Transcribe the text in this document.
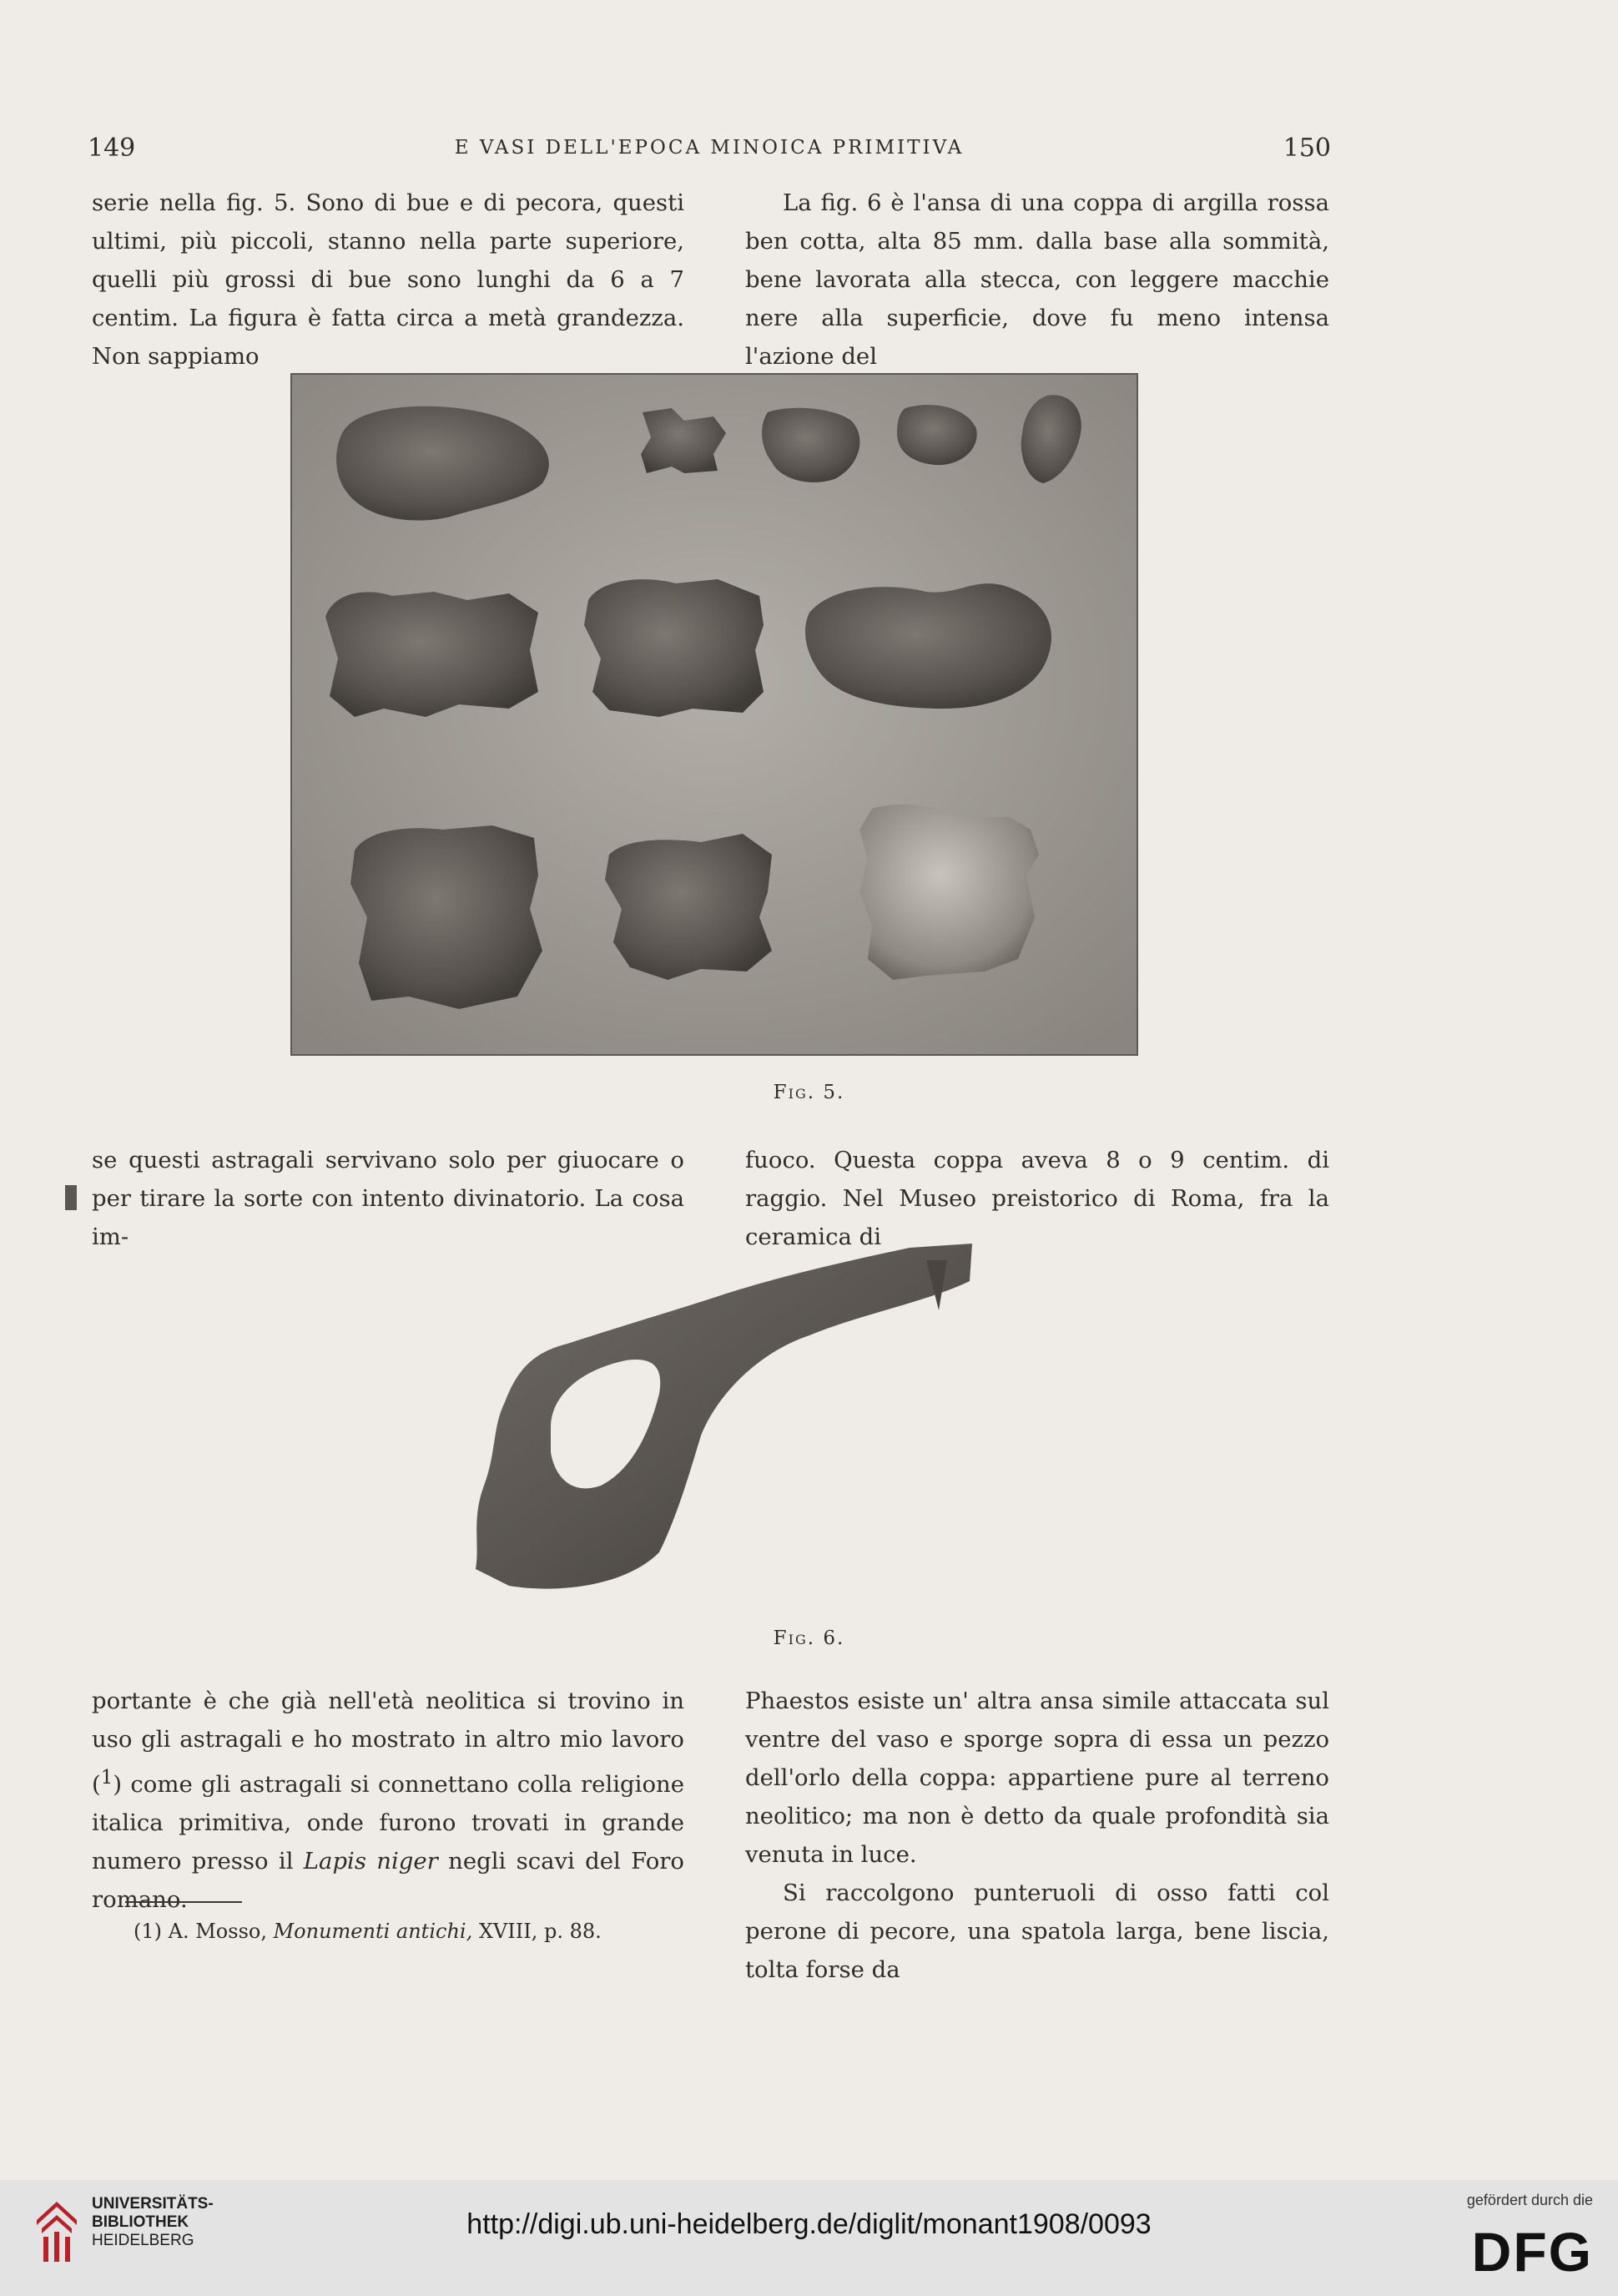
149	E VASI DELL'EPOCA MINOICA PRIMITIVA	150

serie nella fig. 5. Sono di bue e di pecora, questi ultimi, più piccoli, stanno nella parte superiore, quelli più grossi di bue sono lunghi da 6 a 7 centim. La figura è fatta circa a metà grandezza. Non sappiamo

La fig. 6 è l'ansa di una coppa di argilla rossa ben cotta, alta 85 mm. dalla base alla sommità, bene lavorata alla stecca, con leggere macchie nere alla superficie, dove fu meno intensa l'azione del

Fig. 5.

se questi astragali servivano solo per giuocare o per tirare la sorte con intento divinatorio. La cosa im-

fuoco. Questa coppa aveva 8 o 9 centim. di raggio. Nel Museo preistorico di Roma, fra la ceramica di

Fig. 6.

portante è che già nell'età neolitica si trovino in uso gli astragali e ho mostrato in altro mio lavoro ($^1$) come gli astragali si connettano colla religione italica primitiva, onde furono trovati in grande numero presso il Lapis niger negli scavi del Foro romano.

Phaestos esiste un' altra ansa simile attaccata sul ventre del vaso e sporge sopra di essa un pezzo dell'orlo della coppa: appartiene pure al terreno neolitico; ma non è detto da quale profondità sia venuta in luce.

Si raccolgono punteruoli di osso fatti col perone di pecore, una spatola larga, bene liscia, tolta forse da

(1) A. Mosso, Monumenti antichi, XVIII, p. 88.
UNIVERSITÄTS-
BIBLIOTHEK
HEIDELBERG
http://digi.ub.uni-heidelberg.de/diglit/monant1908/0093
gefördert durch die
DFG
